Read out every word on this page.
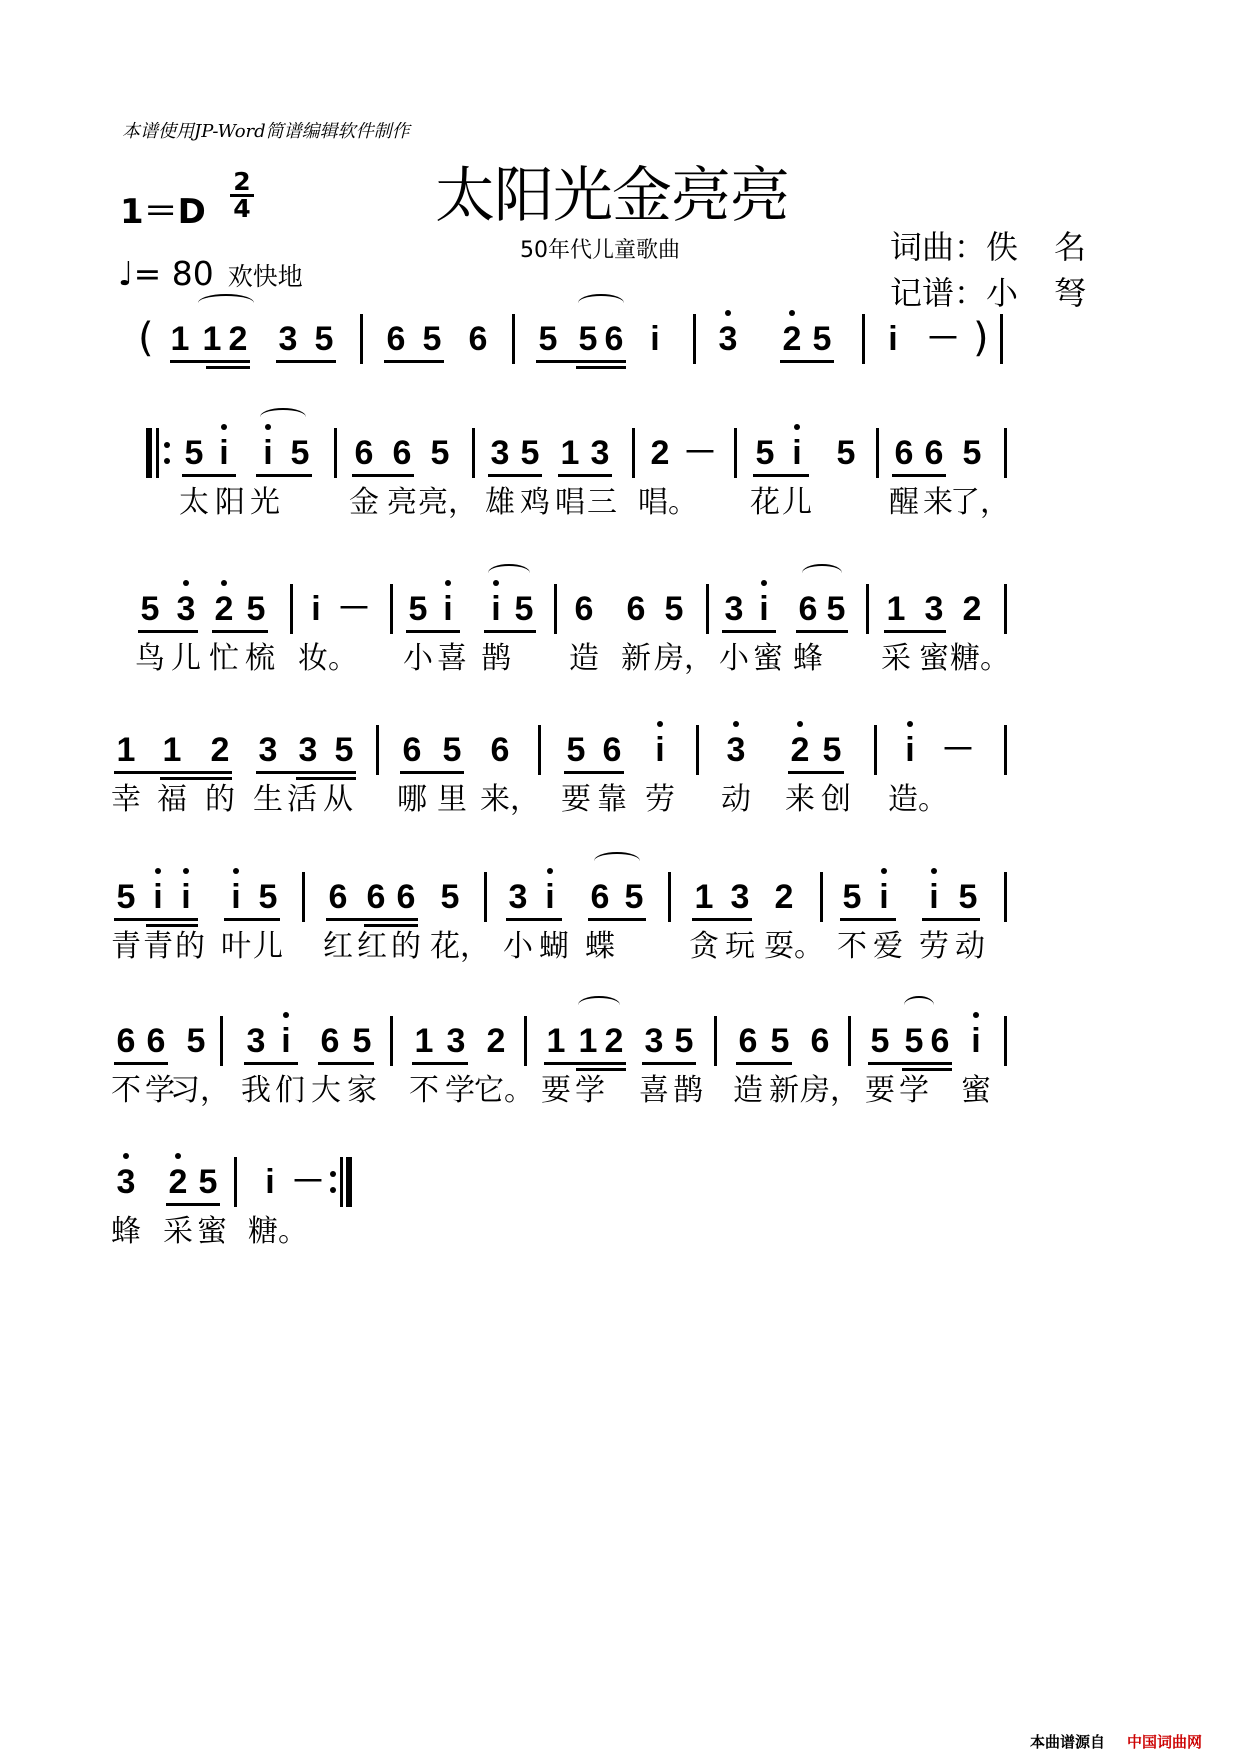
本谱使用JP-Word简谱编辑软件制作
1＝D
2
4
♩= 80 欢快地
太阳光金亮亮
50年代儿童歌曲	词曲：佚　名
记谱：小　弩
( 1 1 2 3 5 6 5 6 5 5 6 i 3 2 5 i － )
5 i i 5 6 6 5 3 5 1 3 2 － 5 i 5 6 6 5
太 阳 光 金 亮 亮， 雄 鸡 唱 三 唱。 花 儿	醒 来
了，
5 3 2 5 i － 5 i i 5 6 6 5 3 i 6 5 1 3 2
鸟 儿 忙 梳 妆。 小 喜 鹊 造 新 房， 小 蜜 蜂 采 蜜 糖。
1 1 2 3 3 5 6 5 6 5 6 i 3 2 5 i －
幸 福 的 生 活 从 哪 里 来， 要 靠 劳 动 来 创 造。
5 i i i 5 6 6 6 5 3 i 6 5 1 3 2 5 i i 5
青 青 的 叶 儿 红 红 的 花， 小 蝴 蝶 贪 玩 耍。 不 爱 劳 动
6 6 5 3 i 6 5 1 3 2 1 1 2 3 5 6 5 6 5 5 6 i
不 学
习， 我 们 大 家 不 学 它。 要 学 喜 鹊 造 新 房， 要 学 蜜
3 2 5 i －
蜂 采 蜜 糖。
本曲谱源自 中国词曲网
